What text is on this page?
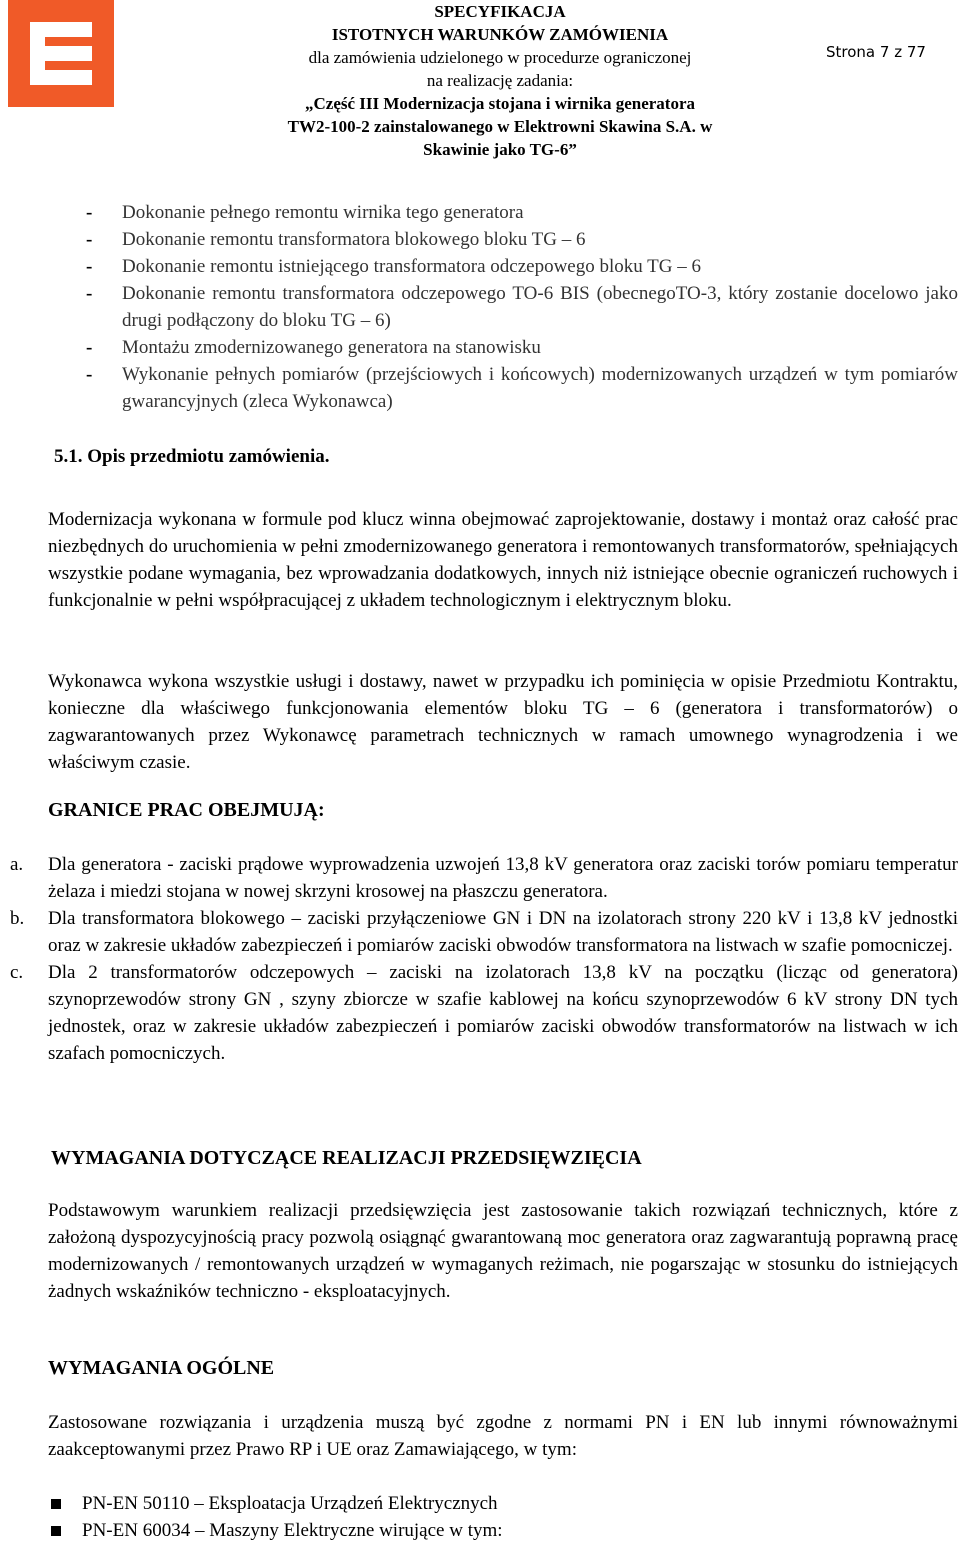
SPECYFIKACJA
ISTOTNYCH WARUNKÓW ZAMÓWIENIA
dla zamówienia udzielonego w procedurze ograniczonej
na realizację zadania:
„Część III Modernizacja stojana i wirnika generatora
TW2-100-2 zainstalowanego w Elektrowni Skawina S.A. w
Skawinie jako TG-6”
Strona 7 z 77
- Dokonanie pełnego remontu wirnika tego generatora
- Dokonanie remontu transformatora blokowego bloku TG – 6
- Dokonanie remontu istniejącego transformatora odczepowego bloku TG – 6
- Dokonanie remontu transformatora odczepowego TO-6 BIS (obecnegoTO-3, który zostanie docelowo jako drugi podłączony do bloku TG – 6)
- Montażu zmodernizowanego generatora na stanowisku
- Wykonanie pełnych pomiarów (przejściowych i końcowych) modernizowanych urządzeń w tym pomiarów gwarancyjnych (zleca Wykonawca)
5.1. Opis przedmiotu zamówienia.

Modernizacja wykonana w formule pod klucz winna obejmować zaprojektowanie, dostawy i montaż oraz całość prac niezbędnych do uruchomienia w pełni zmodernizowanego generatora i remontowanych transformatorów, spełniających wszystkie podane wymagania, bez wprowadzania dodatkowych, innych niż istniejące obecnie ograniczeń ruchowych i funkcjonalnie w pełni współpracującej z układem technologicznym i elektrycznym bloku.

Wykonawca wykona wszystkie usługi i dostawy, nawet w przypadku ich pominięcia w opisie Przedmiotu Kontraktu, konieczne dla właściwego funkcjonowania elementów bloku TG – 6 (generatora i transformatorów) o zagwarantowanych przez Wykonawcę parametrach technicznych w ramach umownego wynagrodzenia i we właściwym czasie.

GRANICE PRAC OBEJMUJĄ:
a. Dla generatora - zaciski prądowe wyprowadzenia uzwojeń 13,8 kV generatora oraz zaciski torów pomiaru temperatur żelaza i miedzi stojana w nowej skrzyni krosowej na płaszczu generatora.
b. Dla transformatora blokowego – zaciski przyłączeniowe GN i DN na izolatorach strony 220 kV i 13,8 kV jednostki oraz w zakresie układów zabezpieczeń i pomiarów zaciski obwodów transformatora na listwach w szafie pomocniczej.
c. Dla 2 transformatorów odczepowych – zaciski na izolatorach 13,8 kV na początku (licząc od generatora) szynoprzewodów strony GN , szyny zbiorcze w szafie kablowej na końcu szynoprzewodów 6 kV strony DN tych jednostek, oraz w zakresie układów zabezpieczeń i pomiarów zaciski obwodów transformatorów na listwach w ich szafach pomocniczych.
WYMAGANIA DOTYCZĄCE REALIZACJI PRZEDSIĘWZIĘCIA

Podstawowym warunkiem realizacji przedsięwzięcia jest zastosowanie takich rozwiązań technicznych, które z założoną dyspozycyjnością pracy pozwolą osiągnąć gwarantowaną moc generatora oraz zagwarantują poprawną pracę modernizowanych / remontowanych urządzeń w wymaganych reżimach, nie pogarszając w stosunku do istniejących żadnych wskaźników techniczno - eksploatacyjnych.

WYMAGANIA OGÓLNE

Zastosowane rozwiązania i urządzenia muszą być zgodne z normami PN i EN lub innymi równoważnymi zaakceptowanymi przez Prawo RP i UE oraz Zamawiającego, w tym:

PN-EN 50110 – Eksploatacja Urządzeń Elektrycznych
PN-EN 60034 – Maszyny Elektryczne wirujące w tym:
